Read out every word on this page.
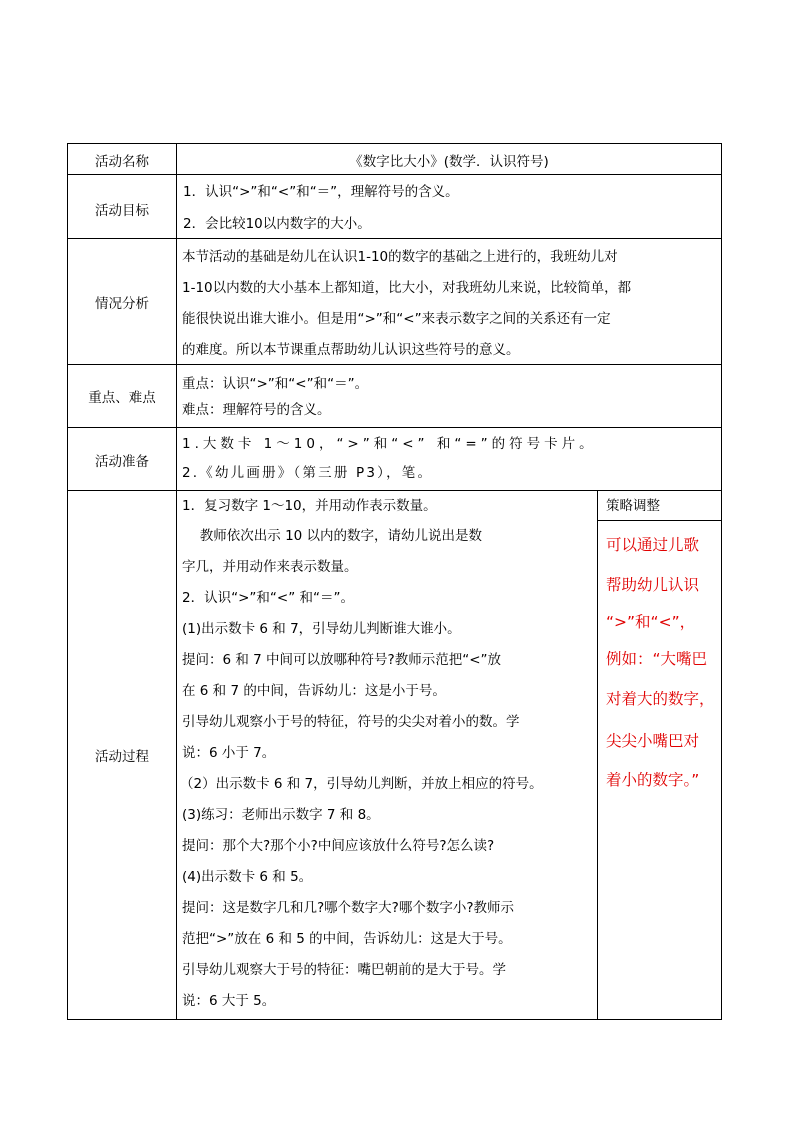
活动名称	《数字比大小》(数学．认识符号)
活动目标
1．认识“>”和“<”和“＝”，理解符号的含义。
2．会比较10以内数字的大小。
情况分析
本节活动的基础是幼儿在认识1-10的数字的基础之上进行的，我班幼儿对
1-10以内数的大小基本上都知道，比大小，对我班幼儿来说，比较简单，都
能很快说出谁大谁小。但是用“>”和“<”来表示数字之间的关系还有一定
的难度。所以本节课重点帮助幼儿认识这些符号的意义。
重点、难点
重点：认识“>”和“<”和“＝”。
难点：理解符号的含义。
活动准备
1.大数卡 1～10，“>”和“<” 和“=”的符号卡片。
2.《幼儿画册》（第三册 P3），笔。
活动过程
1．复习数字 1～10，并用动作表示数量。
　 教师依次出示 10 以内的数字，请幼儿说出是数
字几，并用动作来表示数量。
2．认识“>”和“<” 和“＝”。
(1)出示数卡 6 和 7，引导幼儿判断谁大谁小。
提问：6 和 7 中间可以放哪种符号?教师示范把“<”放
在 6 和 7 的中间，告诉幼儿：这是小于号。
引导幼儿观察小于号的特征，符号的尖尖对着小的数。学
说：6 小于 7。
（2）出示数卡 6 和 7，引导幼儿判断，并放上相应的符号。
(3)练习：老师出示数字 7 和 8。
提问：那个大?那个小?中间应该放什么符号?怎么读?
(4)出示数卡 6 和 5。
提问：这是数字几和几?哪个数字大?哪个数字小?教师示
范把“>”放在 6 和 5 的中间，告诉幼儿：这是大于号。
引导幼儿观察大于号的特征：嘴巴朝前的是大于号。学
说：6 大于 5。
策略调整
可以通过儿歌
帮助幼儿认识
“>”和“<”，
例如：“大嘴巴
对着大的数字，
尖尖小嘴巴对
着小的数字。”
